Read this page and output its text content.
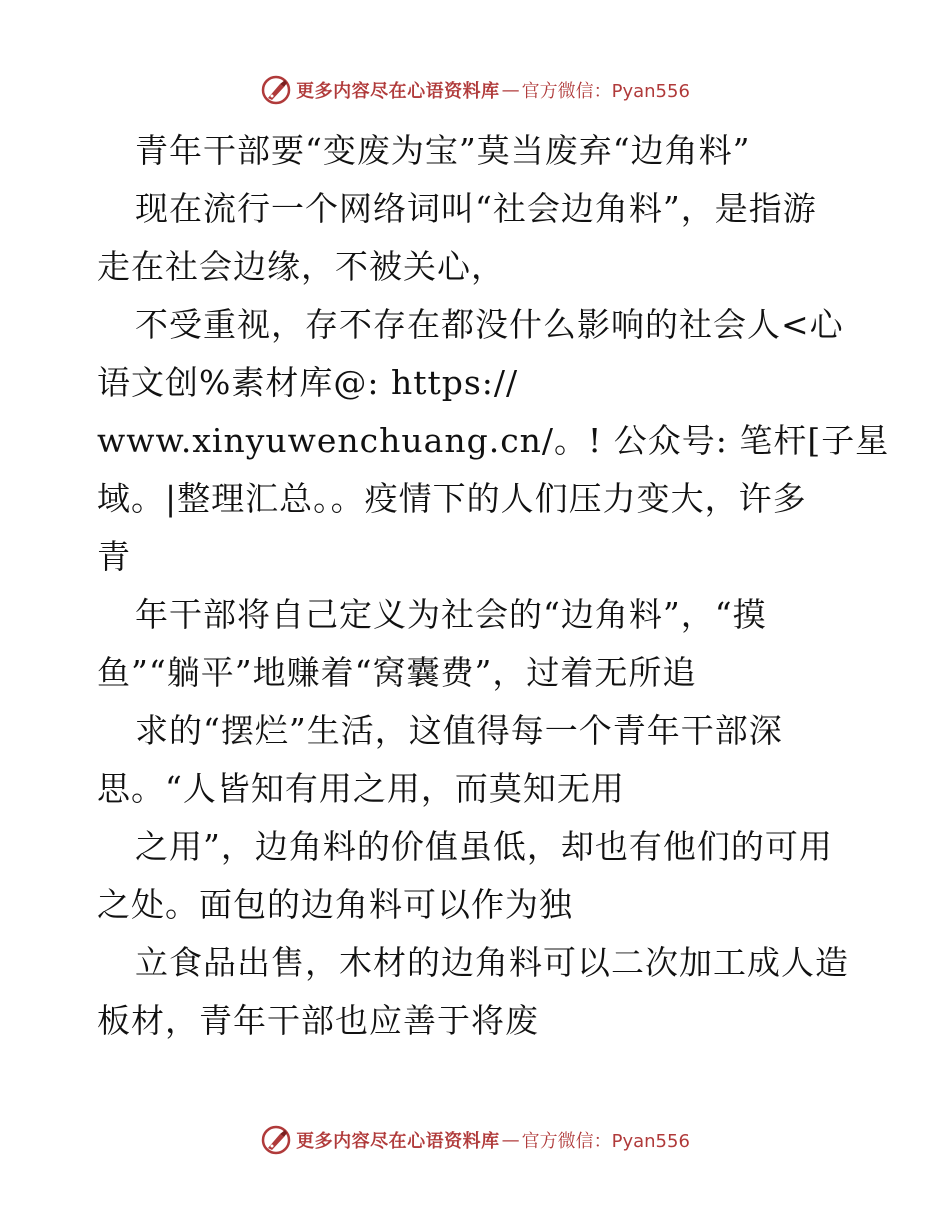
更多内容尽在心语资料库 — 官方微信：Pyan556
青年干部要“变废为宝”莫当废弃“边角料”
现在流行一个网络词叫“社会边角料”，是指游
走在社会边缘，不被关心，
不受重视，存不存在都没什么影响的社会人<心
语文创%素材库@: https://
www.xinyuwenchuang.cn/。! 公众号: 笔杆[子星
域。|整理汇总。。疫情下的人们压力变大，许多
青
年干部将自己定义为社会的“边角料”，“摸
鱼”“躺平”地赚着“窝囊费”，过着无所追
求的“摆烂”生活，这值得每一个青年干部深
思。“人皆知有用之用，而莫知无用
之用”，边角料的价值虽低，却也有他们的可用
之处。面包的边角料可以作为独
立食品出售，木材的边角料可以二次加工成人造
板材，青年干部也应善于将废
更多内容尽在心语资料库 — 官方微信：Pyan556
